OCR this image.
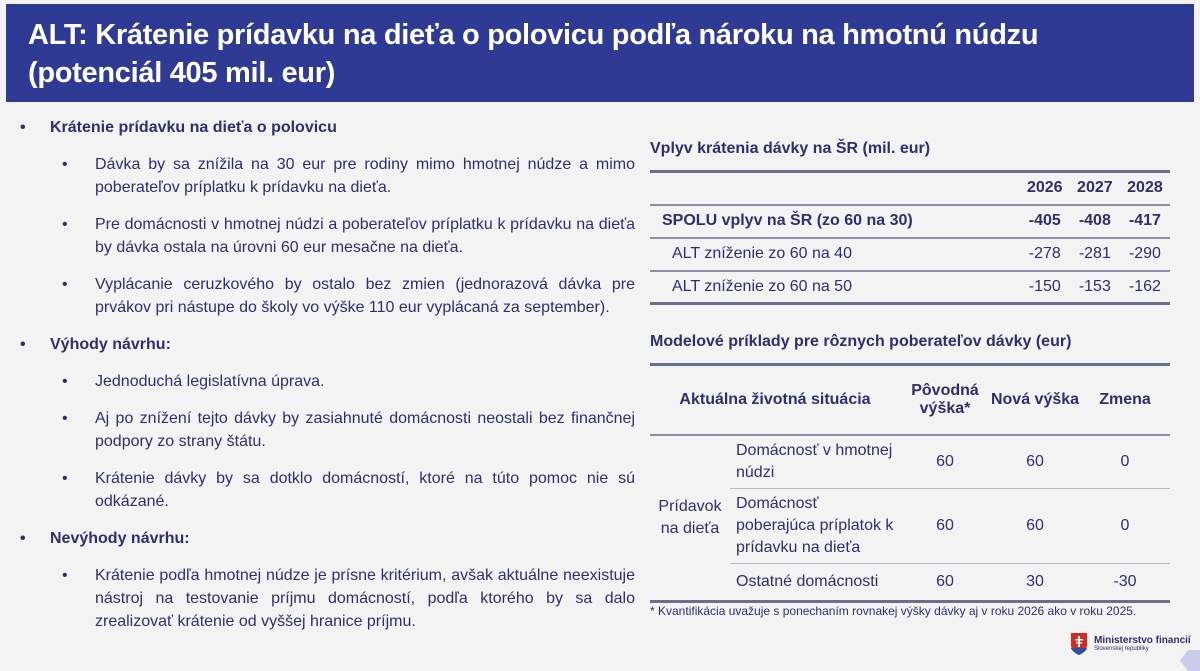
ALT: Krátenie prídavku na dieťa o polovicu podľa nároku na hmotnú núdzu
(potenciál 405 mil. eur)
• Krátenie prídavku na dieťa o polovicu
• Dávka by sa znížila na 30 eur pre rodiny mimo hmotnej núdze a mimo poberateľov príplatku k prídavku na dieťa.
• Pre domácnosti v hmotnej núdzi a poberateľov príplatku k prídavku na dieťa by dávka ostala na úrovni 60 eur mesačne na dieťa.
• Vyplácanie ceruzkového by ostalo bez zmien (jednorazová dávka pre prvákov pri nástupe do školy vo výške 110 eur vyplácaná za september).
• Výhody návrhu:
• Jednoduchá legislatívna úprava.
• Aj po znížení tejto dávky by zasiahnuté domácnosti neostali bez finančnej podpory zo strany štátu.
• Krátenie dávky by sa dotklo domácností, ktoré na túto pomoc nie sú odkázané.
• Nevýhody návrhu:
• Krátenie podľa hmotnej núdze je prísne kritérium, avšak aktuálne neexistuje nástroj na testovanie príjmu domácností, podľa ktorého by sa dalo zrealizovať krátenie od vyššej hranice príjmu.
Vplyv krátenia dávky na ŠR (mil. eur)
	2026	2027	2028
SPOLU vplyv na ŠR (zo 60 na 30)	-405	-408	-417
ALT zníženie zo 60 na 40	-278	-281	-290
ALT zníženie zo 60 na 50	-150	-153	-162
Modelové príklady pre rôznych poberateľov dávky (eur)
Aktuálna životná situácia		Pôvodná výška*	Nová výška	Zmena
Prídavok na dieťa	Domácnosť v hmotnej núdzi	60	60	0
	Domácnosť poberajúca príplatok k prídavku na dieťa	60	60	0
	Ostatné domácnosti	60	30	-30
* Kvantifikácia uvažuje s ponechaním rovnakej výšky dávky aj v roku 2026 ako v roku 2025.
Ministerstvo financií
Slovenskej republiky
